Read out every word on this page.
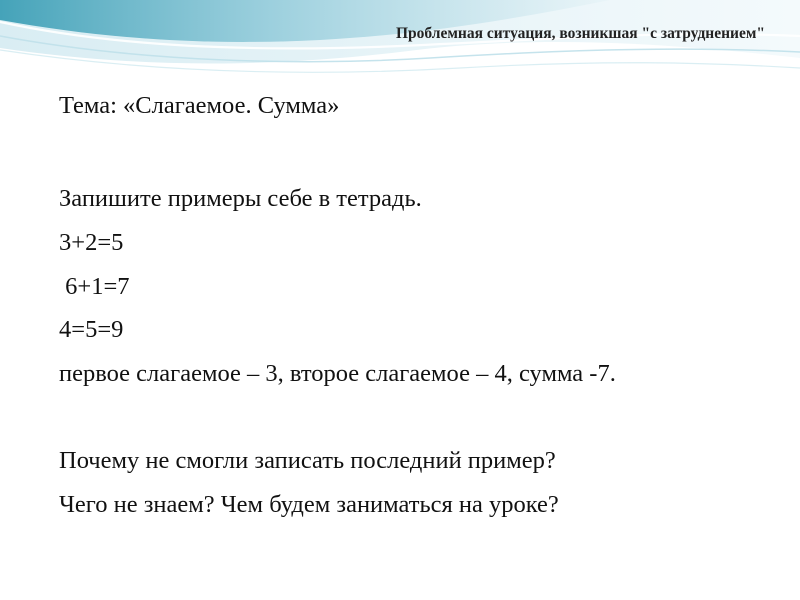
Проблемная ситуация, возникшая "с затруднением"
Тема: «Слагаемое. Сумма»
Запишите примеры себе в тетрадь.
3+2=5
6+1=7
4=5=9
первое слагаемое – 3, второе слагаемое – 4, сумма -7.
Почему не смогли записать последний пример?
Чего не знаем? Чем будем заниматься на уроке?
